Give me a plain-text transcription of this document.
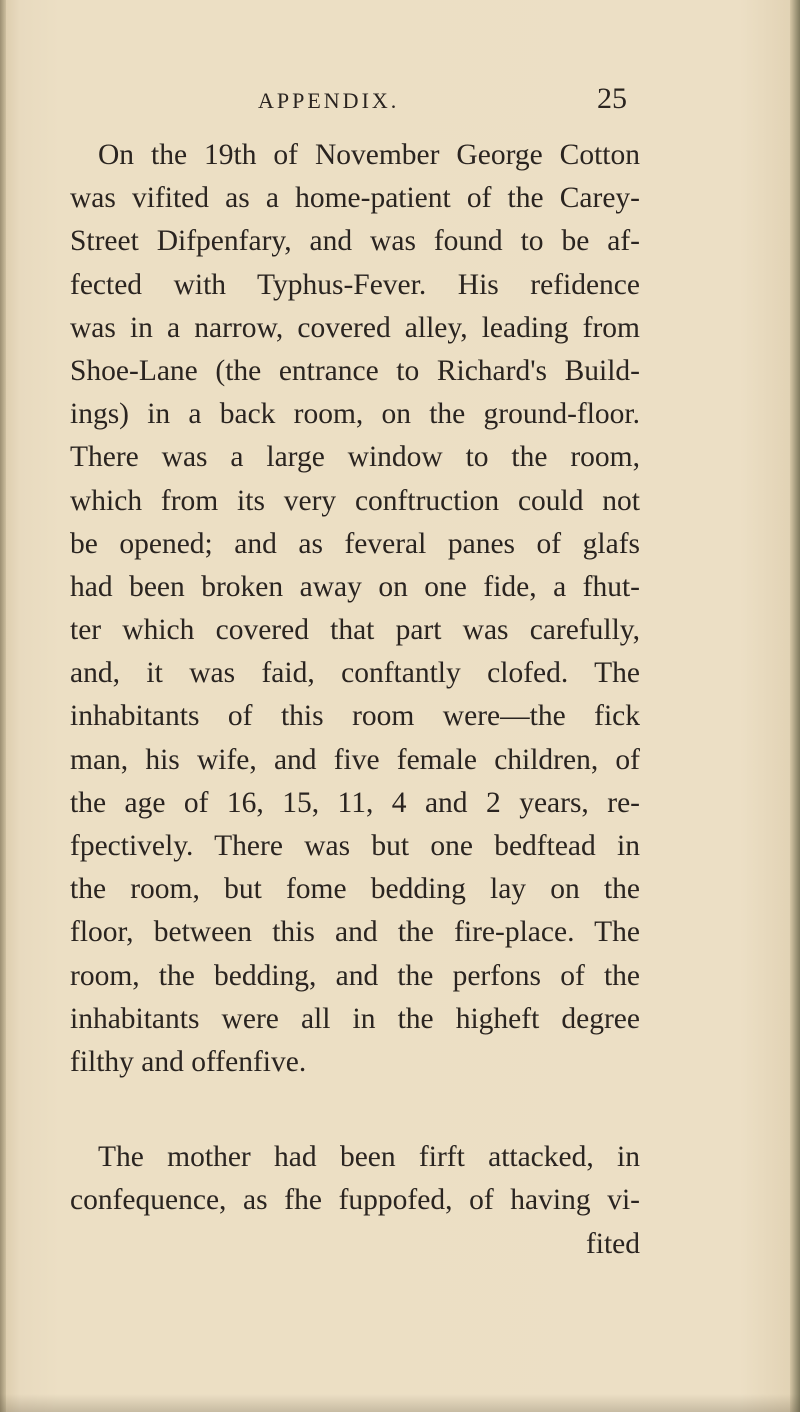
APPENDIX.	25
On the 19th of November George Cotton
was vifited as a home-patient of the Carey-
Street Difpenfary, and was found to be af-
fected with Typhus-Fever. His refidence
was in a narrow, covered alley, leading from
Shoe-Lane (the entrance to Richard's Build-
ings) in a back room, on the ground-floor.
There was a large window to the room,
which from its very conftruction could not
be opened; and as feveral panes of glafs
had been broken away on one fide, a fhut-
ter which covered that part was carefully,
and, it was faid, conftantly clofed. The
inhabitants of this room were—the fick
man, his wife, and five female children, of
the age of 16, 15, 11, 4 and 2 years, re-
fpectively. There was but one bedftead in
the room, but fome bedding lay on the
floor, between this and the fire-place. The
room, the bedding, and the perfons of the
inhabitants were all in the higheft degree
filthy and offenfive.
The mother had been firft attacked, in
confequence, as fhe fuppofed, of having vi-
fited
